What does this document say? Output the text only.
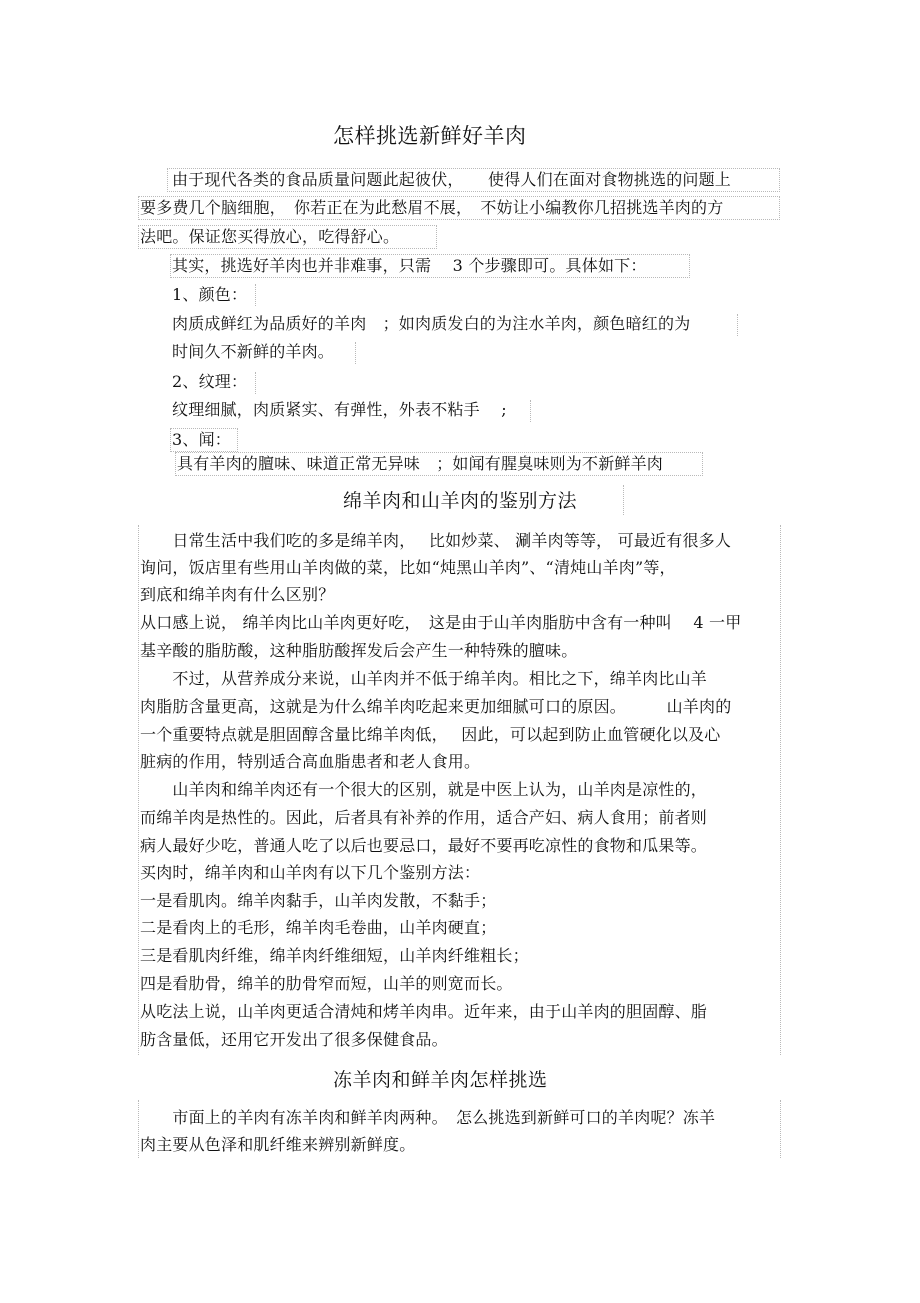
怎样挑选新鲜好羊肉
由于现代各类的食品质量问题此起彼伏，　　使得人们在面对食物挑选的问题上
要多费几个脑细胞，　你若正在为此愁眉不展，　不妨让小编教你几招挑选羊肉的方
法吧。保证您买得放心，吃得舒心。
其实，挑选好羊肉也并非难事，只需　 3 个步骤即可。具体如下：
1、颜色：
肉质成鲜红为品质好的羊肉　；如肉质发白的为注水羊肉，颜色暗红的为
时间久不新鲜的羊肉。
2、纹理：
纹理细腻，肉质紧实、有弹性，外表不粘手　 ;
3、闻：
具有羊肉的膻味、味道正常无异味　；如闻有腥臭味则为不新鲜羊肉
绵羊肉和山羊肉的鉴别方法
　　日常生活中我们吃的多是绵羊肉，　 比如炒菜、 涮羊肉等等， 可最近有很多人
询问，饭店里有些用山羊肉做的菜，比如“炖黑山羊肉”、“清炖山羊肉”等，
到底和绵羊肉有什么区别？
从口感上说， 绵羊肉比山羊肉更好吃，　这是由于山羊肉脂肪中含有一种叫　 4 一甲
基辛酸的脂肪酸，这种脂肪酸挥发后会产生一种特殊的膻味。
　　不过，从营养成分来说，山羊肉并不低于绵羊肉。相比之下，绵羊肉比山羊
肉脂肪含量更高，这就是为什么绵羊肉吃起来更加细腻可口的原因。　　　山羊肉的
一个重要特点就是胆固醇含量比绵羊肉低，　 因此，可以起到防止血管硬化以及心
脏病的作用，特别适合高血脂患者和老人食用。
　　山羊肉和绵羊肉还有一个很大的区别，就是中医上认为，山羊肉是凉性的，
而绵羊肉是热性的。因此，后者具有补养的作用，适合产妇、病人食用；前者则
病人最好少吃，普通人吃了以后也要忌口，最好不要再吃凉性的食物和瓜果等。
买肉时，绵羊肉和山羊肉有以下几个鉴别方法：
一是看肌肉。绵羊肉黏手，山羊肉发散，不黏手；
二是看肉上的毛形，绵羊肉毛卷曲，山羊肉硬直；
三是看肌肉纤维，绵羊肉纤维细短，山羊肉纤维粗长；
四是看肋骨，绵羊的肋骨窄而短，山羊的则宽而长。
从吃法上说，山羊肉更适合清炖和烤羊肉串。近年来，由于山羊肉的胆固醇、脂
肪含量低，还用它开发出了很多保健食品。
冻羊肉和鲜羊肉怎样挑选
　　市面上的羊肉有冻羊肉和鲜羊肉两种。　怎么挑选到新鲜可口的羊肉呢？冻羊
肉主要从色泽和肌纤维来辨别新鲜度。
